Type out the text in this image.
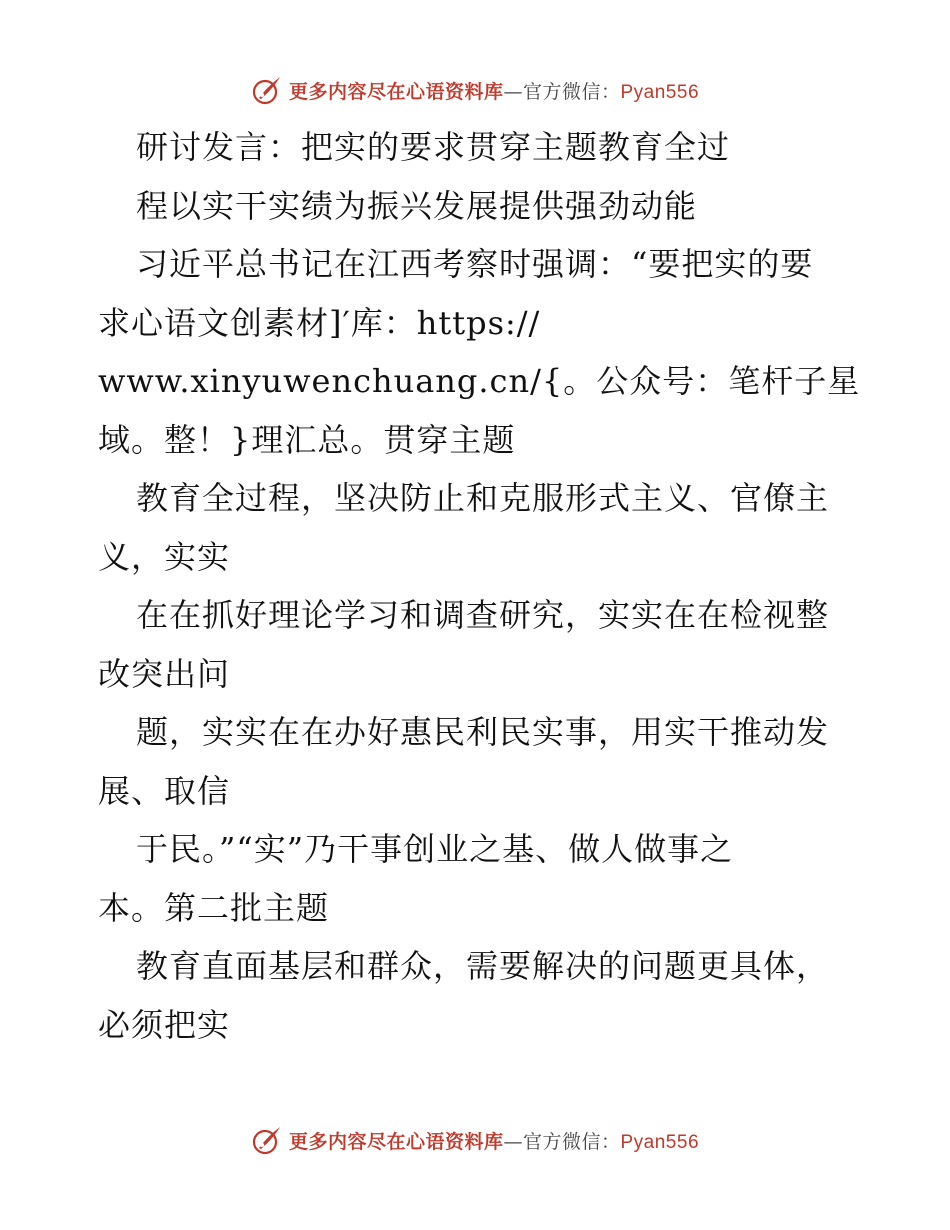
更多内容尽在心语资料库—官方微信：Pyan556
研讨发言：把实的要求贯穿主题教育全过
程以实干实绩为振兴发展提供强劲动能
习近平总书记在江西考察时强调：“要把实的要
求心语文创素材]′库：https://
www.xinyuwenchuang.cn/{。公众号：笔杆子星
域。整！}理汇总。贯穿主题
教育全过程，坚决防止和克服形式主义、官僚主
义，实实
在在抓好理论学习和调查研究，实实在在检视整
改突出问
题，实实在在办好惠民利民实事，用实干推动发
展、取信
于民。”“实”乃干事创业之基、做人做事之
本。第二批主题
教育直面基层和群众，需要解决的问题更具体，
必须把实
更多内容尽在心语资料库—官方微信：Pyan556
